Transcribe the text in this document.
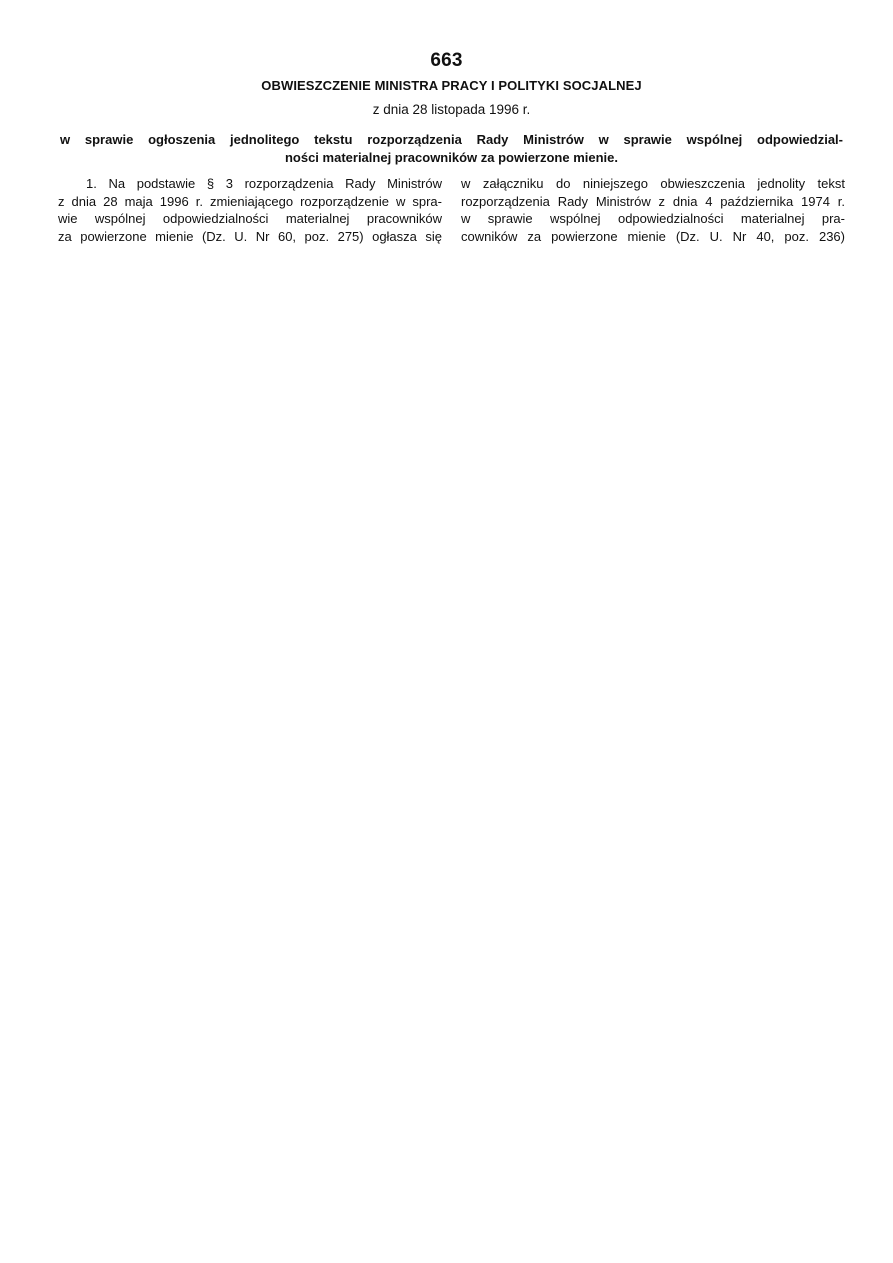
663
OBWIESZCZENIE MINISTRA PRACY I POLITYKI SOCJALNEJ
z dnia 28 listopada 1996 r.
w sprawie ogłoszenia jednolitego tekstu rozporządzenia Rady Ministrów w sprawie wspólnej odpowiedzial-
ności materialnej pracowników za powierzone mienie.
1. Na podstawie § 3 rozporządzenia Rady Ministrów
z dnia 28 maja 1996 r. zmieniającego rozporządzenie w spra-
wie wspólnej odpowiedzialności materialnej pracowników
za powierzone mienie (Dz. U. Nr 60, poz. 275) ogłasza się
w załączniku do niniejszego obwieszczenia jednolity tekst
rozporządzenia Rady Ministrów z dnia 4 października 1974 r.
w sprawie wspólnej odpowiedzialności materialnej pra-
cowników za powierzone mienie (Dz. U. Nr 40, poz. 236)
